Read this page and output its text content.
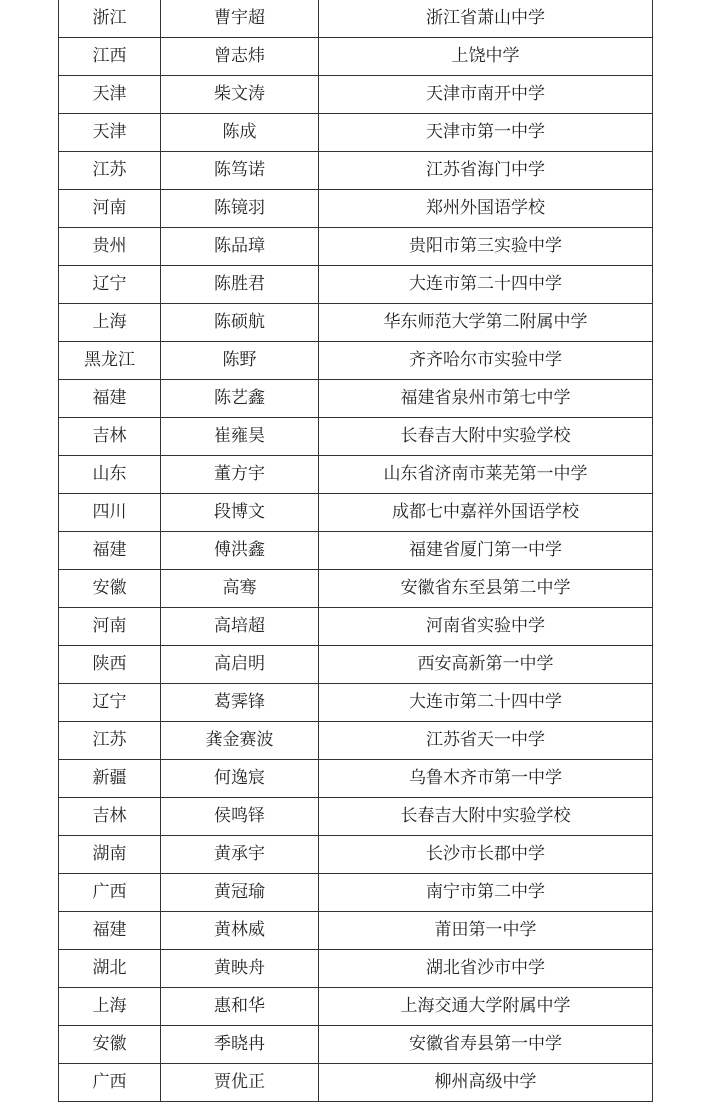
浙江	曹宇超	浙江省萧山中学
江西	曾志炜	上饶中学
天津	柴文涛	天津市南开中学
天津	陈成	天津市第一中学
江苏	陈笃诺	江苏省海门中学
河南	陈镜羽	郑州外国语学校
贵州	陈品璋	贵阳市第三实验中学
辽宁	陈胜君	大连市第二十四中学
上海	陈硕航	华东师范大学第二附属中学
黑龙江	陈野	齐齐哈尔市实验中学
福建	陈艺鑫	福建省泉州市第七中学
吉林	崔雍昊	长春吉大附中实验学校
山东	董方宇	山东省济南市莱芜第一中学
四川	段博文	成都七中嘉祥外国语学校
福建	傅洪鑫	福建省厦门第一中学
安徽	高骞	安徽省东至县第二中学
河南	高培超	河南省实验中学
陕西	高启明	西安高新第一中学
辽宁	葛霁锋	大连市第二十四中学
江苏	龚金赛波	江苏省天一中学
新疆	何逸宸	乌鲁木齐市第一中学
吉林	侯鸣铎	长春吉大附中实验学校
湖南	黄承宇	长沙市长郡中学
广西	黄冠瑜	南宁市第二中学
福建	黄林威	莆田第一中学
湖北	黄映舟	湖北省沙市中学
上海	惠和华	上海交通大学附属中学
安徽	季晓冉	安徽省寿县第一中学
广西	贾优正	柳州高级中学
